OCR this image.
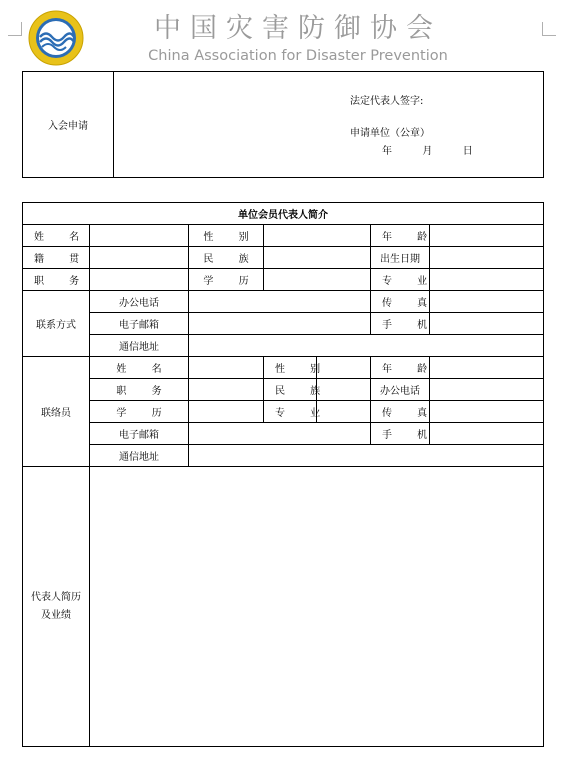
中国灾害防御协会
China Association for Disaster Prevention
入会申请	
法定代表人签字:
申请单位（公章）
年	月	日
单位会员代表人简介						
姓 名		性 别			年 龄	
籍 贯		民 族			出生日期	
职 务		学 历			专 业	
联系方式	办公电话				传 真	
	电子邮箱				手 机	
	通信地址					
联络员	姓 名		性 别		年 龄	
	职 务		民 族		办公电话	
	学 历		专 业		传 真	
	电子邮箱				手 机	
	通信地址					

代表人简历
及业绩						
